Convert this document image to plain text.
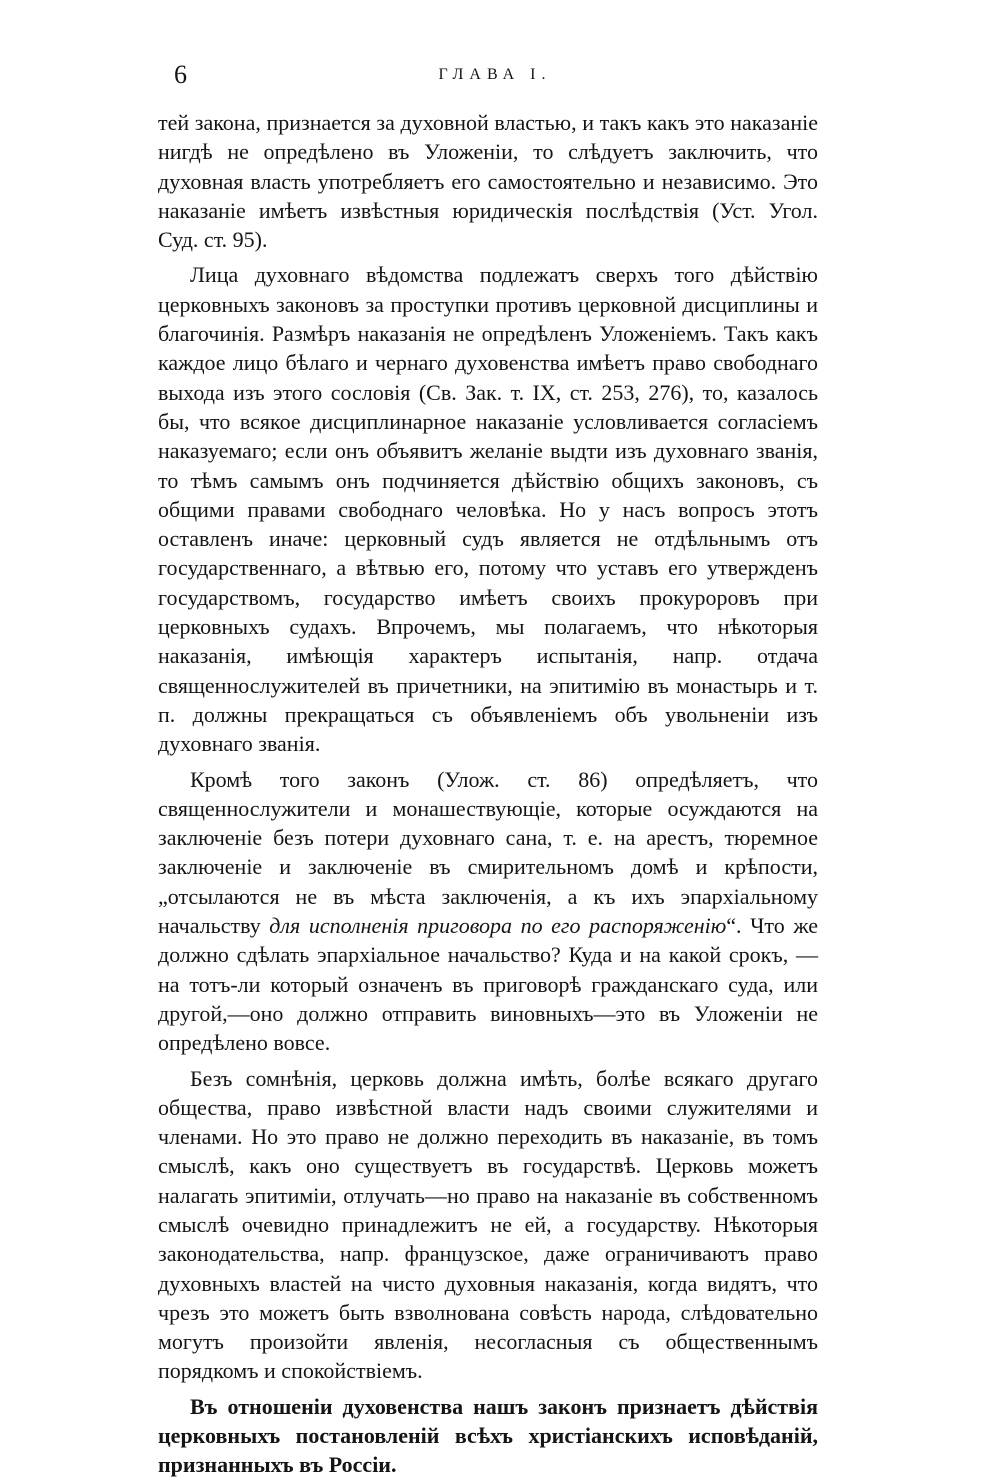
6	ГЛАВА I.

тей закона, признается за духовной властью, и такъ какъ это наказаніе нигдѣ не опредѣлено въ Уложеніи, то слѣдуетъ заключить, что духовная власть употребляетъ его самостоятельно и независимо. Это наказаніе имѣетъ извѣстныя юридическія послѣдствія (Уст. Угол. Суд. ст. 95).

Лица духовнаго вѣдомства подлежатъ сверхъ того дѣйствію церковныхъ законовъ за проступки противъ церковной дисциплины и благочинія. Размѣръ наказанія не опредѣленъ Уложеніемъ. Такъ какъ каждое лицо бѣлаго и чернаго духовенства имѣетъ право свободнаго выхода изъ этого сословія (Св. Зак. т. IX, ст. 253, 276), то, казалось бы, что всякое дисциплинарное наказаніе условливается согласіемъ наказуемаго; если онъ объявитъ желаніе выдти изъ духовнаго званія, то тѣмъ самымъ онъ подчиняется дѣйствію общихъ законовъ, съ общими правами свободнаго человѣка. Но у насъ вопросъ этотъ оставленъ иначе: церковный судъ является не отдѣльнымъ отъ государственнаго, а вѣтвью его, потому что уставъ его утвержденъ государствомъ, государство имѣетъ своихъ прокуроровъ при церковныхъ судахъ. Впрочемъ, мы полагаемъ, что нѣкоторыя наказанія, имѣющія характеръ испытанія, напр. отдача священнослужителей въ причетники, на эпитимію въ монастырь и т. п. должны прекращаться съ объявленіемъ объ увольненіи изъ духовнаго званія.

Кромѣ того законъ (Улож. ст. 86) опредѣляетъ, что священнослужители и монашествующіе, которые осуждаются на заключеніе безъ потери духовнаго сана, т. е. на арестъ, тюремное заключеніе и заключеніе въ смирительномъ домѣ и крѣпости, „отсылаются не въ мѣста заключенія, а къ ихъ эпархіальному начальству для исполненія приговора по его распоряженію“. Что же должно сдѣлать эпархіальное начальство? Куда и на какой срокъ, — на тотъ-ли который означенъ въ приговорѣ гражданскаго суда, или другой,—оно должно отправить виновныхъ—это въ Уложеніи не опредѣлено вовсе.

Безъ сомнѣнія, церковь должна имѣть, болѣе всякаго другаго общества, право извѣстной власти надъ своими служителями и членами. Но это право не должно переходить въ наказаніе, въ томъ смыслѣ, какъ оно существуетъ въ государствѣ. Церковь можетъ налагать эпитиміи, отлучать—но право на наказаніе въ собственномъ смыслѣ очевидно принадлежитъ не ей, а государству. Нѣкоторыя законодательства, напр. французское, даже ограничиваютъ право духовныхъ властей на чисто духовныя наказанія, когда видятъ, что чрезъ это можетъ быть взволнована совѣсть народа, слѣдовательно могутъ произойти явленія, несогласныя съ общественнымъ порядкомъ и спокойствіемъ.

Въ отношеніи духовенства нашъ законъ признаетъ дѣйствія церковныхъ постановленій всѣхъ христіанскихъ исповѣданій, признанныхъ въ Россіи.
